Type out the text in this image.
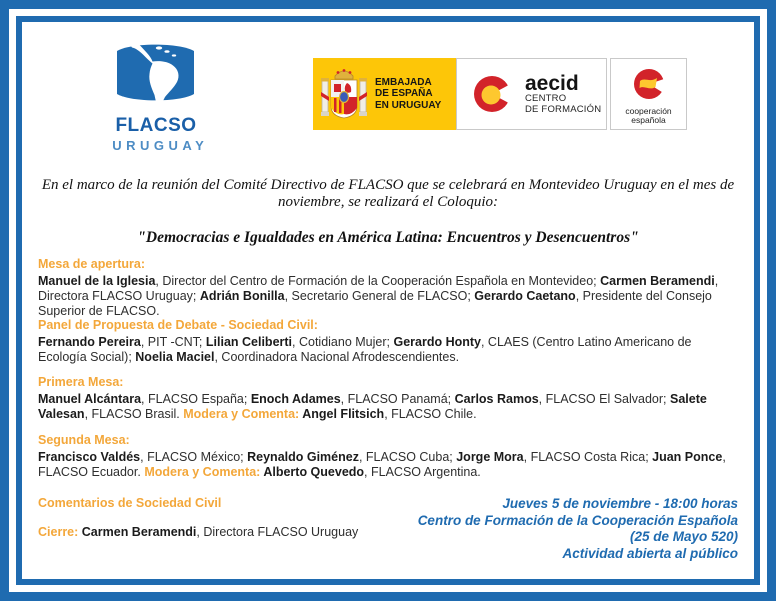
FLACSO
URUGUAY
EMBAJADA
DE ESPAÑA
EN URUGUAY
aecid
CENTRO
DE FORMACIÓN	cooperación
española
En el marco de la reunión del Comité Directivo de FLACSO que se celebrará en Montevideo Uruguay en el mes de noviembre, se realizará el Coloquio:
"Democracias e Igualdades en América Latina: Encuentros y Desencuentros"
Mesa de apertura:
Manuel de la Iglesia, Director del Centro de Formación de la Cooperación Española en Montevideo; Carmen Beramendi, Directora FLACSO Uruguay; Adrián Bonilla, Secretario General de FLACSO; Gerardo Caetano, Presidente del Consejo Superior de FLACSO.
Panel de Propuesta de Debate - Sociedad Civil:
Fernando Pereira, PIT -CNT; Lilian Celiberti, Cotidiano Mujer; Gerardo Honty, CLAES (Centro Latino Americano de Ecología Social); Noelia Maciel, Coordinadora Nacional Afrodescendientes.
Primera Mesa:
Manuel Alcántara, FLACSO España; Enoch Adames, FLACSO Panamá; Carlos Ramos, FLACSO El Salvador; Salete Valesan, FLACSO Brasil. Modera y Comenta: Angel Flitsich, FLACSO Chile.
Segunda Mesa:
Francisco Valdés, FLACSO México; Reynaldo Giménez, FLACSO Cuba; Jorge Mora, FLACSO Costa Rica; Juan Ponce, FLACSO Ecuador. Modera y Comenta: Alberto Quevedo, FLACSO Argentina.
Comentarios de Sociedad Civil
Cierre: Carmen Beramendi, Directora FLACSO Uruguay
Jueves 5 de noviembre - 18:00 horas
Centro de Formación de la Cooperación Española
(25 de Mayo 520)
Actividad abierta al público
